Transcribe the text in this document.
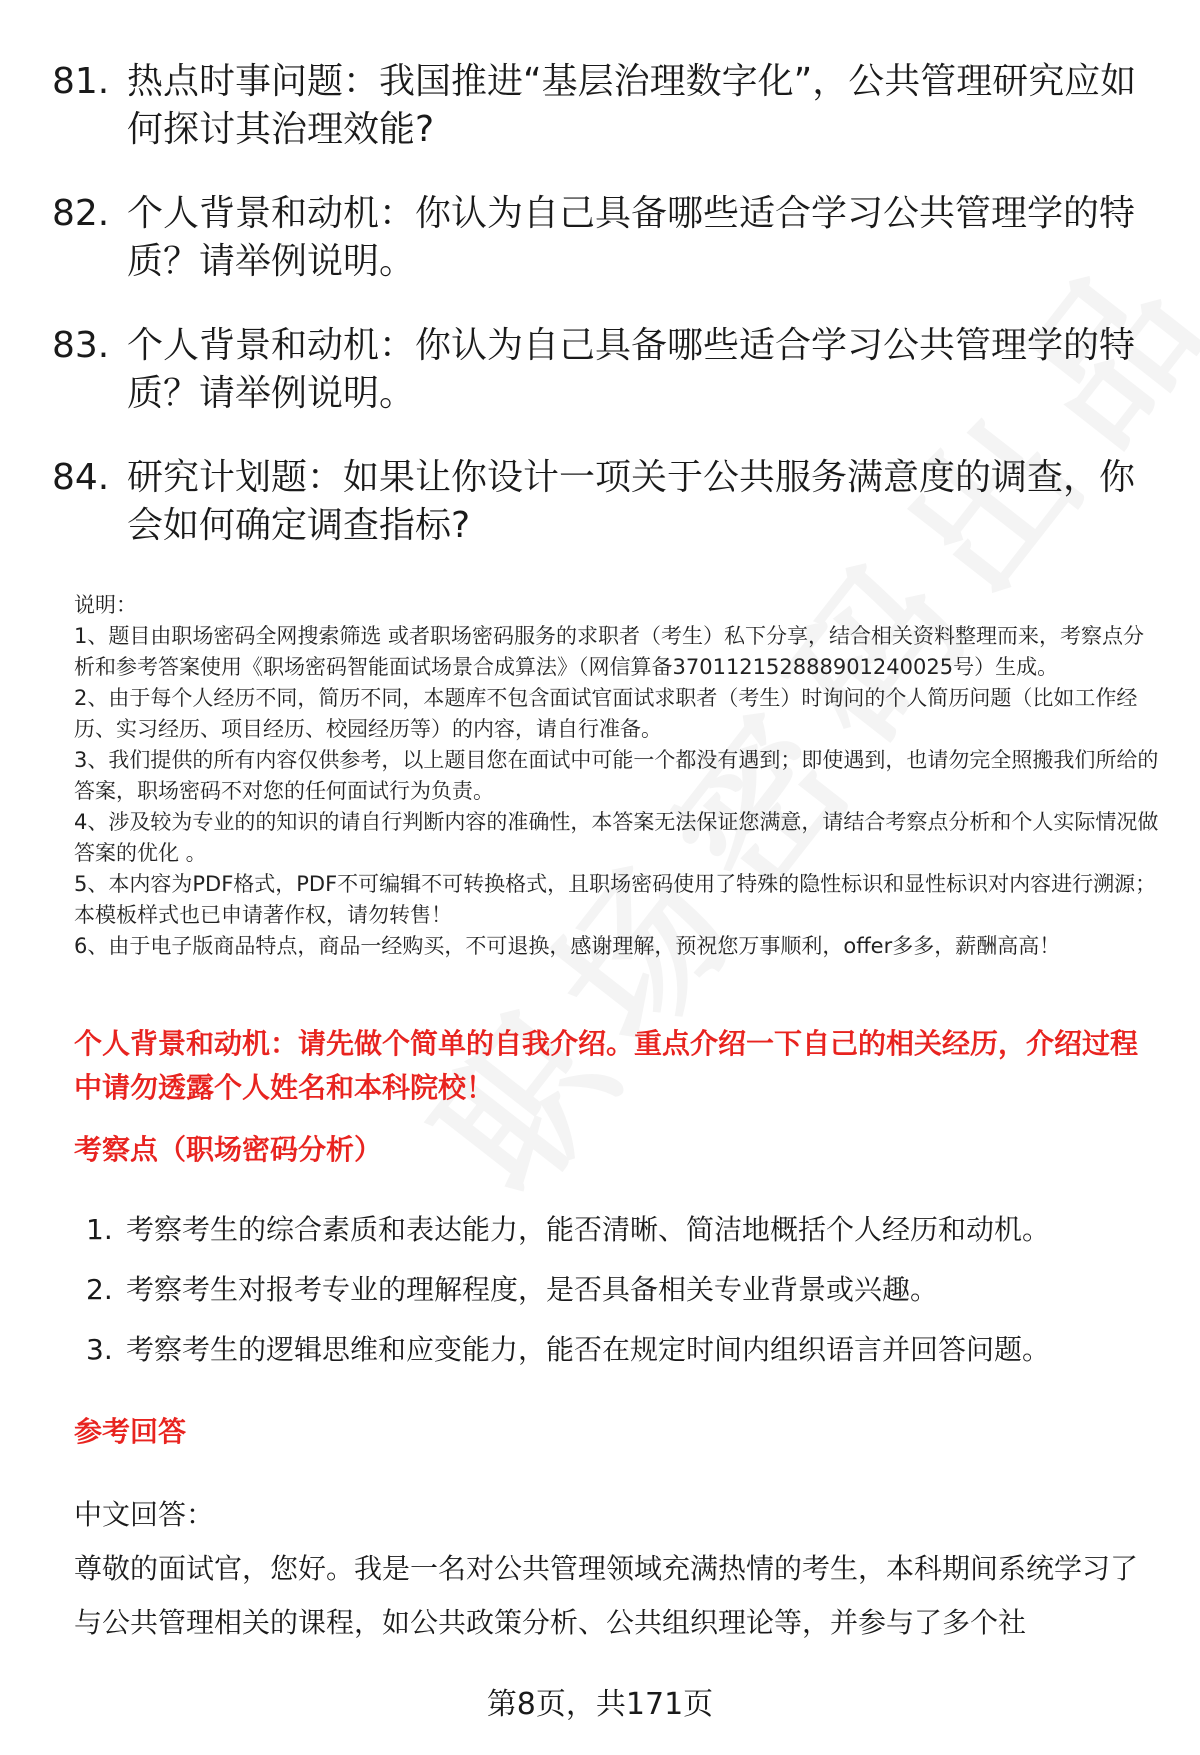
81. 热点时事问题：我国推进“基层治理数字化”，公共管理研究应如何探讨其治理效能?
82. 个人背景和动机：你认为自己具备哪些适合学习公共管理学的特质？请举例说明。
83. 个人背景和动机：你认为自己具备哪些适合学习公共管理学的特质？请举例说明。
84. 研究计划题：如果让你设计一项关于公共服务满意度的调查，你会如何确定调查指标?

说明：

1、题目由职场密码全网搜索筛选 或者职场密码服务的求职者（考生）私下分享，结合相关资料整理而来，考察点分析和参考答案使用《职场密码智能面试场景合成算法》（网信算备370112152888901240025号）生成。

2、由于每个人经历不同，简历不同，本题库不包含面试官面试求职者（考生）时询问的个人简历问题（比如工作经历、实习经历、项目经历、校园经历等）的内容，请自行准备。

3、我们提供的所有内容仅供参考，以上题目您在面试中可能一个都没有遇到；即使遇到，也请勿完全照搬我们所给的答案，职场密码不对您的任何面试行为负责。

4、涉及较为专业的的知识的请自行判断内容的准确性，本答案无法保证您满意，请结合考察点分析和个人实际情况做答案的优化 。

5、本内容为PDF格式，PDF不可编辑不可转换格式，且职场密码使用了特殊的隐性标识和显性标识对内容进行溯源；本模板样式也已申请著作权，请勿转售！

6、由于电子版商品特点，商品一经购买，不可退换，感谢理解，预祝您万事顺利，offer多多，薪酬高高！

个人背景和动机：请先做个简单的自我介绍。重点介绍一下自己的相关经历，介绍过程中请勿透露个人姓名和本科院校！
考察点（职场密码分析）
1. 考察考生的综合素质和表达能力，能否清晰、简洁地概括个人经历和动机。
2. 考察考生对报考专业的理解程度，是否具备相关专业背景或兴趣。
3. 考察考生的逻辑思维和应变能力，能否在规定时间内组织语言并回答问题。
参考回答

中文回答：

尊敬的面试官，您好。我是一名对公共管理领域充满热情的考生，本科期间系统学习了与公共管理相关的课程，如公共政策分析、公共组织理论等，并参与了多个社

第8页，共171页
